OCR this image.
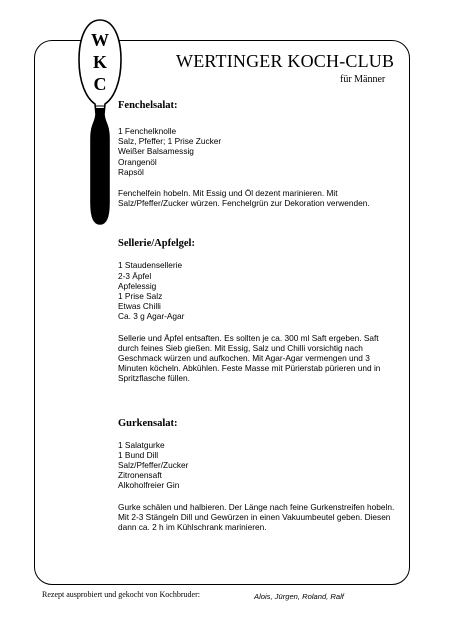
W
K
C
WERTINGER KOCH-CLUB
für Männer
Fenchelsalat:
1 Fenchelknolle
Salz, Pfeffer; 1 Prise Zucker
Weißer Balsamessig
Orangenöl
Rapsöl

Fenchelfein hobeln. Mit Essig und Öl dezent marinieren. Mit Salz/Pfeffer/Zucker würzen. Fenchelgrün zur Dekoration verwenden.

Sellerie/Apfelgel:
1 Staudensellerie
2-3 Äpfel
Apfelessig
1 Prise Salz
Etwas Chilli
Ca. 3 g Agar-Agar

Sellerie und Äpfel entsaften. Es sollten je ca. 300 ml Saft ergeben. Saft durch feines Sieb gießen. Mit Essig, Salz und Chilli vorsichtig nach Geschmack würzen und aufkochen. Mit Agar-Agar vermengen und 3 Minuten köcheln. Abkühlen. Feste Masse mit Pürierstab pürieren und in Spritzflasche füllen.

Gurkensalat:
1 Salatgurke
1 Bund Dill
Salz/Pfeffer/Zucker
Zitronensaft
Alkoholfreier Gin

Gurke schälen und halbieren. Der Länge nach feine Gurkenstreifen hobeln. Mit 2-3 Stängeln Dill und Gewürzen in einen Vakuumbeutel geben. Diesen dann ca. 2 h im Kühlschrank marinieren.

Rezept ausprobiert und gekocht von Kochbruder:	Alois, Jürgen, Roland, Ralf
